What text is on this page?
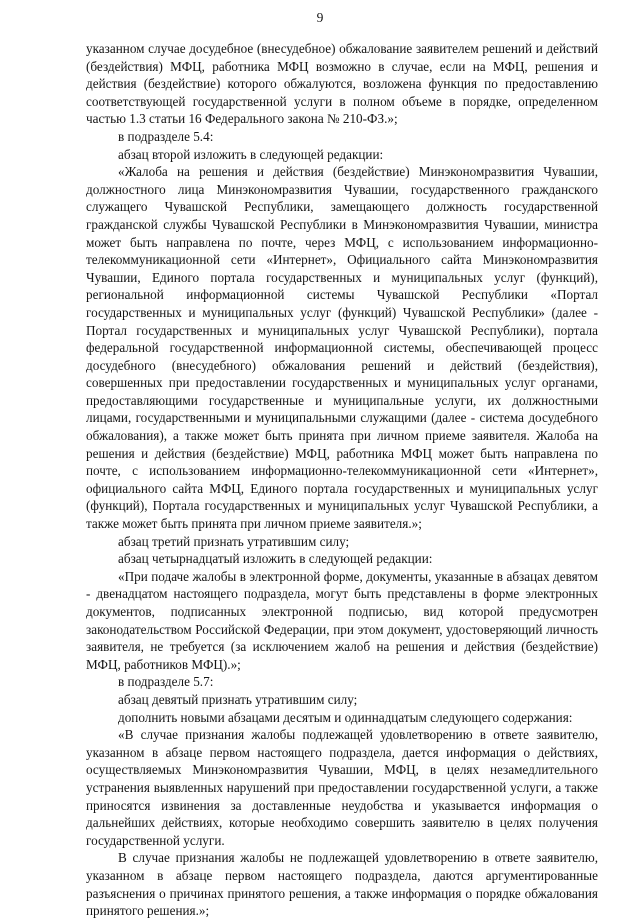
9

указанном случае досудебное (внесудебное) обжалование заявителем решений и действий (бездействия) МФЦ, работника МФЦ возможно в случае, если на МФЦ, решения и действия (бездействие) которого обжалуются, возложена функция по предоставлению соответствующей государственной услуги в полном объеме в порядке, определенном частью 1.3 статьи 16 Федерального закона № 210-ФЗ.»;

в подразделе 5.4:

абзац второй изложить в следующей редакции:

«Жалоба на решения и действия (бездействие) Минэкономразвития Чувашии, должностного лица Минэкономразвития Чувашии, государственного гражданского служащего Чувашской Республики, замещающего должность государственной гражданской службы Чувашской Республики в Минэкономразвития Чувашии, министра может быть направлена по почте, через МФЦ, с использованием информационно-телекоммуникационной сети «Интернет», Официального сайта Минэкономразвития Чувашии, Единого портала государственных и муниципальных услуг (функций), региональной информационной системы Чувашской Республики «Портал государственных и муниципальных услуг (функций) Чувашской Республики» (далее - Портал государственных и муниципальных услуг Чувашской Республики), портала федеральной государственной информационной системы, обеспечивающей процесс досудебного (внесудебного) обжалования решений и действий (бездействия), совершенных при предоставлении государственных и муниципальных услуг органами, предоставляющими государственные и муниципальные услуги, их должностными лицами, государственными и муниципальными служащими (далее - система досудебного обжалования), а также может быть принята при личном приеме заявителя. Жалоба на решения и действия (бездействие) МФЦ, работника МФЦ может быть направлена по почте, с использованием информационно-телекоммуникационной сети «Интернет», официального сайта МФЦ, Единого портала государственных и муниципальных услуг (функций), Портала государственных и муниципальных услуг Чувашской Республики, а также может быть принята при личном приеме заявителя.»;

абзац третий признать утратившим силу;

абзац четырнадцатый изложить в следующей редакции:

«При подаче жалобы в электронной форме, документы, указанные в абзацах девятом - двенадцатом настоящего подраздела, могут быть представлены в форме электронных документов, подписанных электронной подписью, вид которой предусмотрен законодательством Российской Федерации, при этом документ, удостоверяющий личность заявителя, не требуется (за исключением жалоб на решения и действия (бездействие) МФЦ, работников МФЦ).»;

в подразделе 5.7:

абзац девятый признать утратившим силу;

дополнить новыми абзацами десятым и одиннадцатым следующего содержания:

«В случае признания жалобы подлежащей удовлетворению в ответе заявителю, указанном в абзаце первом настоящего подраздела, дается информация о действиях, осуществляемых Минэкономразвития Чувашии, МФЦ, в целях незамедлительного устранения выявленных нарушений при предоставлении государственной услуги, а также приносятся извинения за доставленные неудобства и указывается информация о дальнейших действиях, которые необходимо совершить заявителю в целях получения государственной услуги.

В случае признания жалобы не подлежащей удовлетворению в ответе заявителю, указанном в абзаце первом настоящего подраздела, даются аргументированные разъяснения о причинах принятого решения, а также информация о порядке обжалования принятого решения.»;
